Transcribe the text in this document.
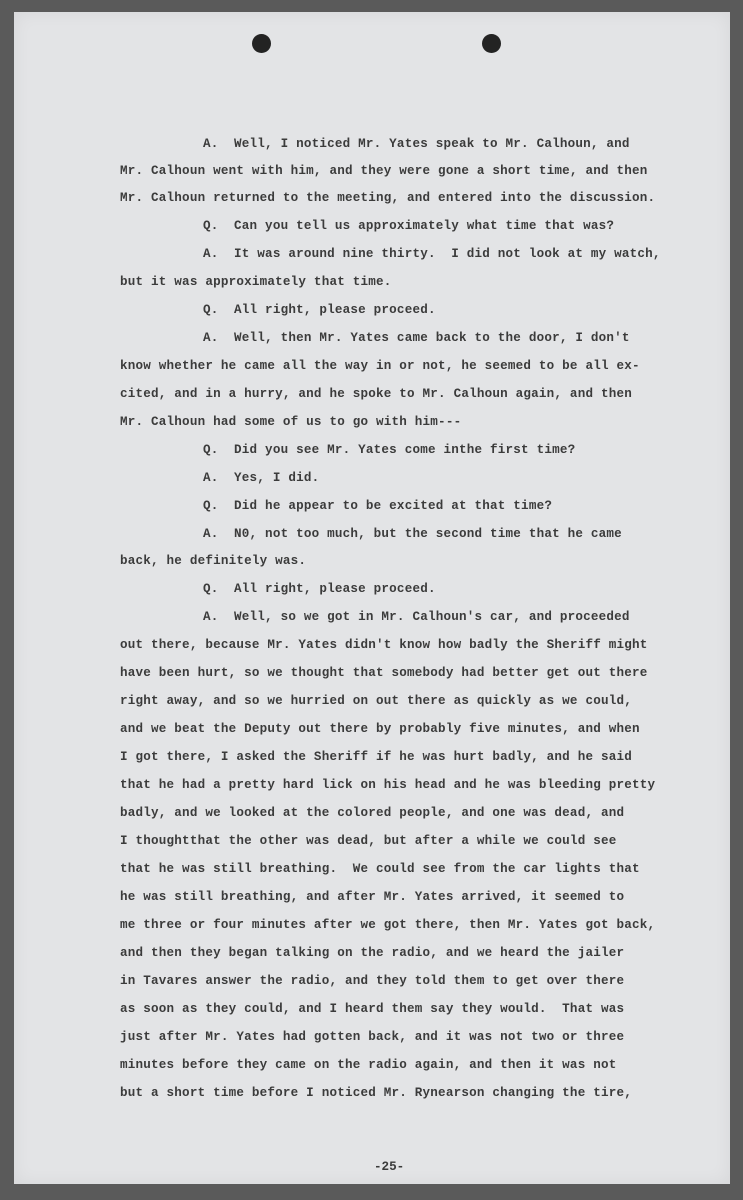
A.  Well, I noticed Mr. Yates speak to Mr. Calhoun, and
Mr. Calhoun went with him, and they were gone a short time, and then
Mr. Calhoun returned to the meeting, and entered into the discussion.
Q.  Can you tell us approximately what time that was?
A.  It was around nine thirty.  I did not look at my watch,
but it was approximately that time.
Q.  All right, please proceed.
A.  Well, then Mr. Yates came back to the door, I don't
know whether he came all the way in or not, he seemed to be all ex-
cited, and in a hurry, and he spoke to Mr. Calhoun again, and then
Mr. Calhoun had some of us to go with him---
Q.  Did you see Mr. Yates come inthe first time?
A.  Yes, I did.
Q.  Did he appear to be excited at that time?
A.  N0, not too much, but the second time that he came
back, he definitely was.
Q.  All right, please proceed.
A.  Well, so we got in Mr. Calhoun's car, and proceeded
out there, because Mr. Yates didn't know how badly the Sheriff might
have been hurt, so we thought that somebody had better get out there
right away, and so we hurried on out there as quickly as we could,
and we beat the Deputy out there by probably five minutes, and when
I got there, I asked the Sheriff if he was hurt badly, and he said
that he had a pretty hard lick on his head and he was bleeding pretty
badly, and we looked at the colored people, and one was dead, and
I thoughtthat the other was dead, but after a while we could see
that he was still breathing.  We could see from the car lights that
he was still breathing, and after Mr. Yates arrived, it seemed to
me three or four minutes after we got there, then Mr. Yates got back,
and then they began talking on the radio, and we heard the jailer
in Tavares answer the radio, and they told them to get over there
as soon as they could, and I heard them say they would.  That was
just after Mr. Yates had gotten back, and it was not two or three
minutes before they came on the radio again, and then it was not
but a short time before I noticed Mr. Rynearson changing the tire,
-25-
